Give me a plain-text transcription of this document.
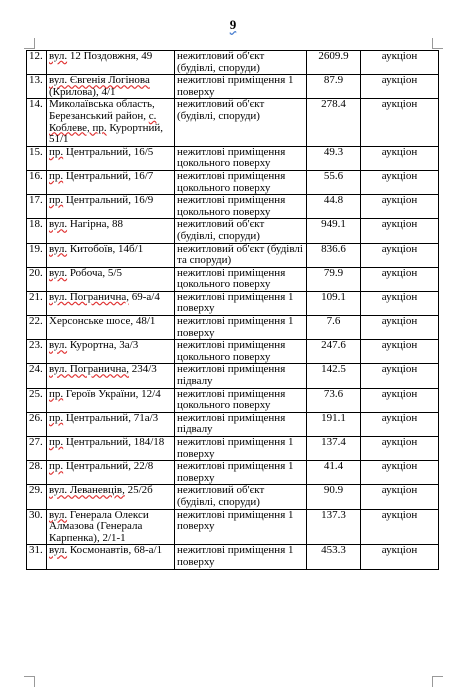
9
12.	вул. 12 Поздовжня, 49	нежитловий об'єкт (будівлі, споруди)	2609.9	аукціон
13.	вул. Євгенія Логінова (Крилова), 4/1	нежитлові приміщення 1 поверху	87.9	аукціон
14.	Миколаївська область, Березанський район, с. Коблеве, пр. Курортний, 51/1	нежитловий об'єкт (будівлі, споруди)	278.4	аукціон
15.	пр. Центральний, 16/5	нежитлові приміщення цокольного поверху	49.3	аукціон
16.	пр. Центральний, 16/7	нежитлові приміщення цокольного поверху	55.6	аукціон
17.	пр. Центральний, 16/9	нежитлові приміщення цокольного поверху	44.8	аукціон
18.	вул. Нагірна, 88	нежитловий об'єкт (будівлі, споруди)	949.1	аукціон
19.	вул. Китобоїв, 14б/1	нежитловий об'єкт (будівлі та споруди)	836.6	аукціон
20.	вул. Робоча, 5/5	нежитлові приміщення цокольного поверху	79.9	аукціон
21.	вул. Погранична, 69-а/4	нежитлові приміщення 1 поверху	109.1	аукціон
22.	Херсонське шосе, 48/1	нежитлові приміщення 1 поверху	7.6	аукціон
23.	вул. Курортна, 3а/3	нежитлові приміщення цокольного поверху	247.6	аукціон
24.	вул. Погранична, 234/3	нежитлові приміщення підвалу	142.5	аукціон
25.	пр. Героїв України, 12/4	нежитлові приміщення цокольного поверху	73.6	аукціон
26.	пр. Центральний, 71а/3	нежитлові приміщення підвалу	191.1	аукціон
27.	пр. Центральний, 184/18	нежитлові приміщення 1 поверху	137.4	аукціон
28.	пр. Центральний, 22/8	нежитлові приміщення 1 поверху	41.4	аукціон
29.	вул. Леваневців, 25/2б	нежитловий об'єкт (будівлі, споруди)	90.9	аукціон
30.	вул. Генерала Олекси Алмазова (Генерала Карпенка), 2/1-1	нежитлові приміщення 1 поверху	137.3	аукціон
31.	вул. Космонавтів, 68-а/1	нежитлові приміщення 1 поверху	453.3	аукціон
